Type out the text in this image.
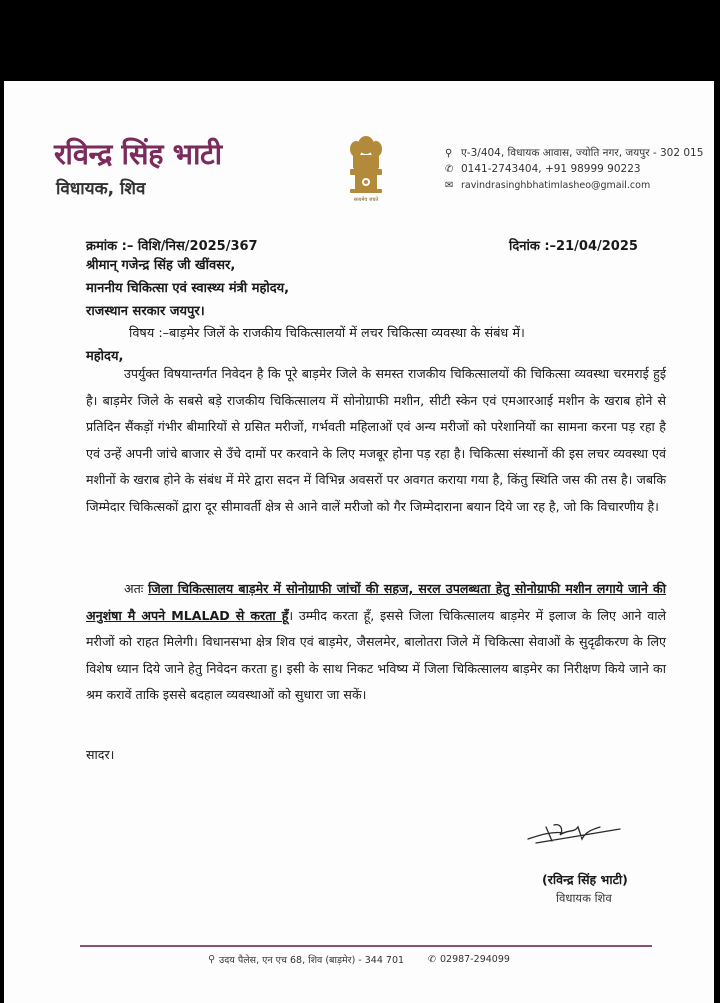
रविन्द्र सिंह भाटी
विधायक, शिव
सत्यमेव जयते
⚲ ए-3/404, विधायक आवास, ज्योति नगर, जयपुर - 302 015
✆ 0141-2743404, +91 98999 90223
✉ ravindrasinghbhatimlasheo@gmail.com
क्रमांक :– विशि/निस/2025/367	दिनांक :–21/04/2025
श्रीमान् गजेन्द्र सिंह जी खींवसर,
माननीय चिकित्सा एवं स्वास्थ्य मंत्री महोदय,
राजस्थान सरकार जयपुर।
विषय :–बाड़मेर जिलें के राजकीय चिकित्सालयों में लचर चिकित्सा व्यवस्था के संबंध में।
महोदय,
उपर्युक्त विषयान्तर्गत निवेदन है कि पूरे बाड़मेर जिले के समस्त राजकीय चिकित्सालयों की चिकित्सा व्यवस्था चरमराई हुई है। बाड़मेर जिले के सबसे बड़े राजकीय चिकित्सालय में सोनोग्राफी मशीन, सीटी स्केन एवं एमआरआई मशीन के खराब होने से प्रतिदिन सैंकड़ों गंभीर बीमारियों से ग्रसित मरीजों, गर्भवती महिलाओं एवं अन्य मरीजों को परेशानियों का सामना करना पड़ रहा है एवं उन्हें अपनी जांचे बाजार से उँचे दामों पर करवाने के लिए मजबूर होना पड़ रहा है। चिकित्सा संस्थानों की इस लचर व्यवस्था एवं मशीनों के खराब होने के संबंध में मेरे द्वारा सदन में विभिन्न अवसरों पर अवगत कराया गया है, किंतु स्थिति जस की तस है। जबकि जिम्मेदार चिकित्सकों द्वारा दूर सीमावर्ती क्षेत्र से आने वालें मरीजो को गैर जिम्मेदाराना बयान दिये जा रह है, जो कि विचारणीय है।
अतः जिला चिकित्सालय बाड़मेर में सोनोग्राफी जांचों की सहज, सरल उपलब्धता हेतु सोनोग्राफी मशीन लगाये जाने की अनुशंषा मै अपने MLALAD से करता हूँ। उम्मीद करता हूँ, इससे जिला चिकित्सालय बाड़मेर में इलाज के लिए आने वाले मरीजों को राहत मिलेगी। विधानसभा क्षेत्र शिव एवं बाड़मेर, जैसलमेर, बालोतरा जिले में चिकित्सा सेवाओं के सुदृढीकरण के लिए विशेष ध्यान दिये जाने हेतु निवेदन करता हु। इसी के साथ निकट भविष्य में जिला चिकित्सालय बाड़मेर का निरीक्षण किये जाने का श्रम करावें ताकि इससे बदहाल व्यवस्थाओं को सुधारा जा सकें।
सादर।
(रविन्द्र सिंह भाटी)
विधायक शिव
⚲ उदय पैलेस, एन एच 68, शिव (बाड़मेर) - 344 701	✆ 02987-294099
